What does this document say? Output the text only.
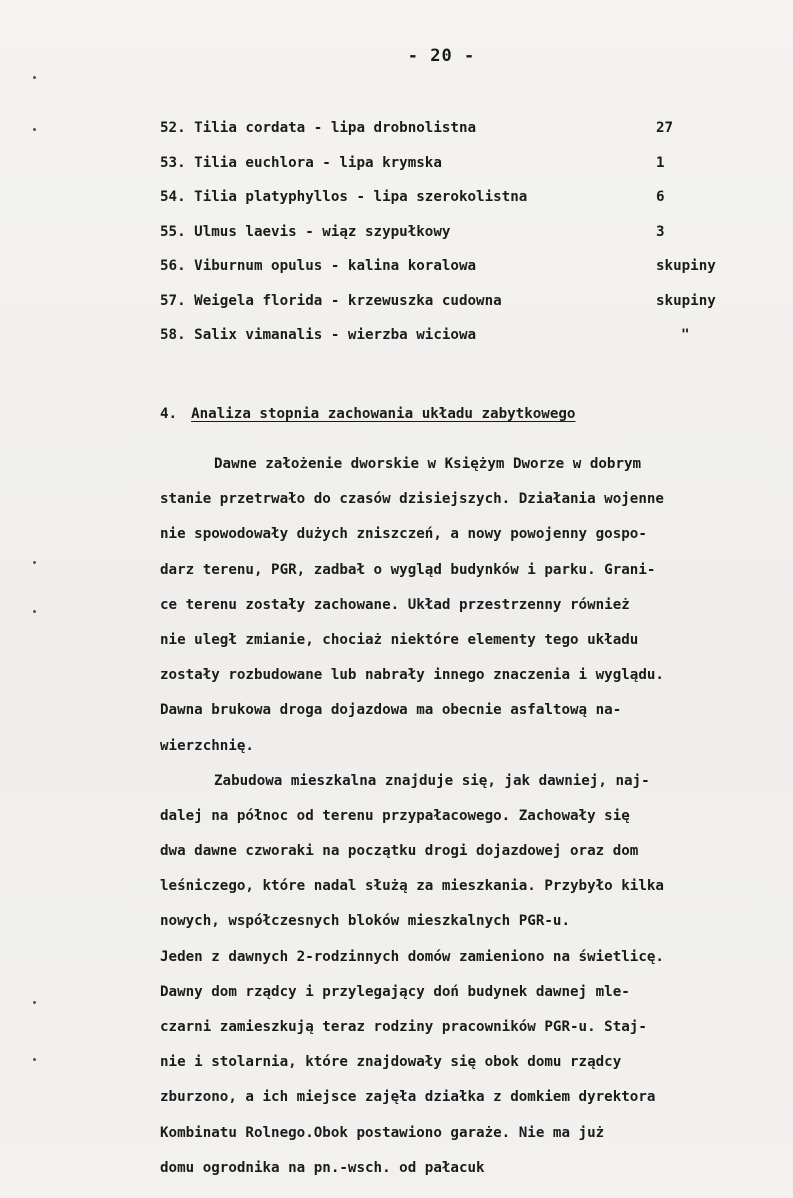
- 20 -
52. Tilia cordata - lipa drobnolistna	27
53. Tilia euchlora - lipa krymska	1
54. Tilia platyphyllos - lipa szerokolistna	6
55. Ulmus laevis - wiąz szypułkowy	3
56. Viburnum opulus - kalina koralowa	skupiny
57. Weigela florida - krzewuszka cudowna	skupiny
58. Salix vimanalis - wierzba wiciowa	"
4. Analiza stopnia zachowania układu zabytkowego
Dawne założenie dworskie w Księżym Dworze w dobrym
stanie przetrwało do czasów dzisiejszych. Działania wojenne
nie spowodowały dużych zniszczeń, a nowy powojenny gospo-
darz terenu, PGR, zadbał o wygląd budynków i parku. Grani-
ce terenu zostały zachowane. Układ przestrzenny również
nie uległ zmianie, chociaż niektóre elementy tego układu
zostały rozbudowane lub nabrały innego znaczenia i wyglądu.
Dawna brukowa droga dojazdowa ma obecnie asfaltową na-
wierzchnię.
Zabudowa mieszkalna znajduje się, jak dawniej, naj-
dalej na północ od terenu przypałacowego. Zachowały się
dwa dawne czworaki na początku drogi dojazdowej oraz dom
leśniczego, które nadal służą za mieszkania. Przybyło kilka
nowych, współczesnych bloków mieszkalnych PGR-u.
Jeden z dawnych 2-rodzinnych domów zamieniono na świetlicę.
Dawny dom rządcy i przylegający doń budynek dawnej mle-
czarni zamieszkują teraz rodziny pracowników PGR-u. Staj-
nie i stolarnia, które znajdowały się obok domu rządcy
zburzono, a ich miejsce zajęła działka z domkiem dyrektora
Kombinatu Rolnego.Obok postawiono garaże. Nie ma już
domu ogrodnika na pn.-wsch. od pałacuk
